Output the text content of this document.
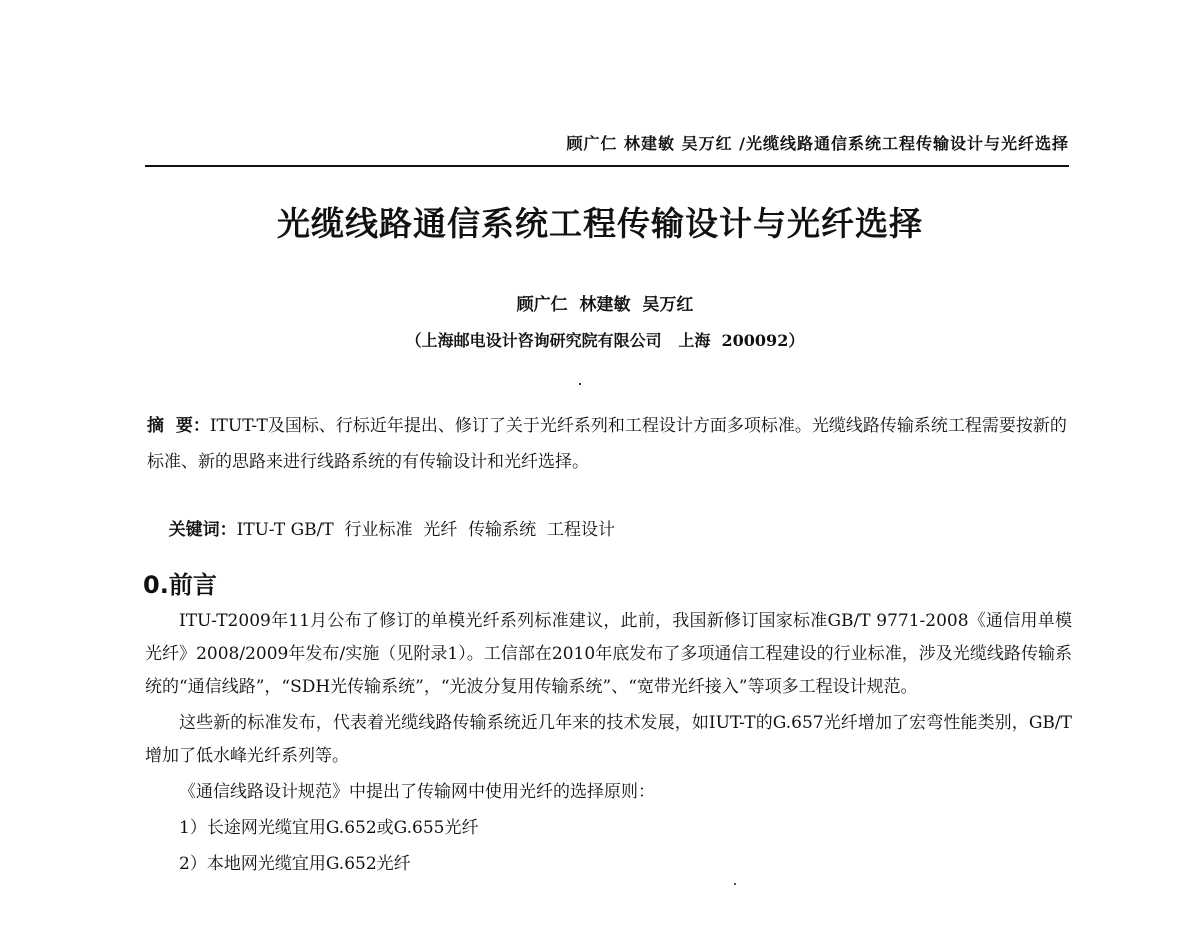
顾广仁 林建敏 吴万红 /光缆线路通信系统工程传输设计与光纤选择
光缆线路通信系统工程传输设计与光纤选择
顾广仁  林建敏  吴万红
（上海邮电设计咨询研究院有限公司   上海  200092）
摘  要：ITUT-T及国标、行标近年提出、修订了关于光纤系列和工程设计方面多项标准。光缆线路传输系统工程需要按新的标准、新的思路来进行线路系统的有传输设计和光纤选择。

关键词：ITU-T GB/T  行业标准  光纤  传输系统  工程设计

0.前言

ITU-T2009年11月公布了修订的单模光纤系列标准建议，此前，我国新修订国家标准GB/T 9771-2008《通信用单模光纤》2008/2009年发布/实施（见附录1）。工信部在2010年底发布了多项通信工程建设的行业标准，涉及光缆线路传输系统的“通信线路”，“SDH光传输系统”，“光波分复用传输系统”、“宽带光纤接入”等项多工程设计规范。

这些新的标准发布，代表着光缆线路传输系统近几年来的技术发展，如IUT-T的G.657光纤增加了宏弯性能类别，GB/T增加了低水峰光纤系列等。

《通信线路设计规范》中提出了传输网中使用光纤的选择原则：

1）长途网光缆宜用G.652或G.655光纤

2）本地网光缆宜用G.652光纤
